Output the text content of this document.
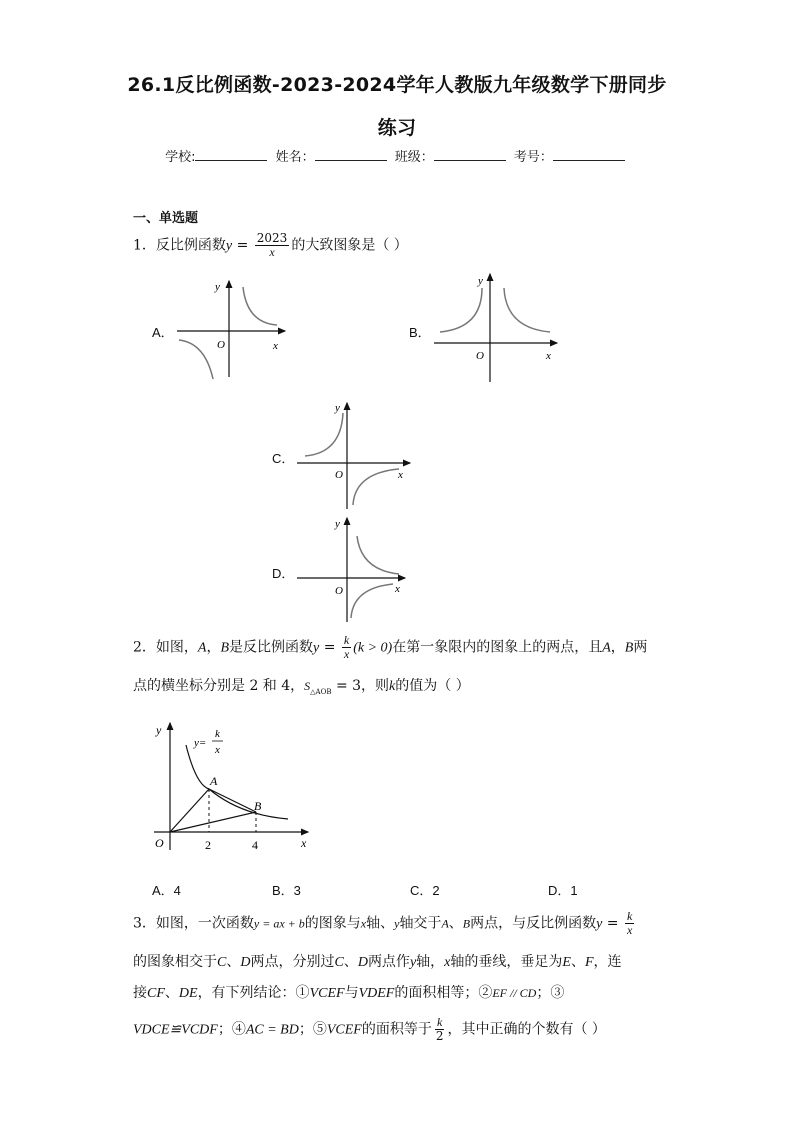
26.1反比例函数-2023-2024学年人教版九年级数学下册同步
练习
学校:	姓名：	班级：	考号：
一、单选题
1．反比例函数$y = \frac{2023}{x}$ 的大致图象是（ ）
A．
y
O	x
B．
y
O	x
C．
y
O	x
D．
y
O	x
2．如图，A，B是反比例函数$y = \frac{k}{x} (k > 0)$在第一象限内的图象上的两点，且A，B两
点的横坐标分别是 2 和 4，$S_{\triangle AOB} = 3$，则k的值为（ ）
y
x
O
y=
k
x
A
B
2	4
A．4	B．3	C．2	D．1
3．如图，一次函数y = ax + b的图象与x轴、y轴交于A、B两点，与反比例函数$y = \frac{k}{x}$
的图象相交于C、D两点，分别过C、D两点作y轴，x轴的垂线，垂足为E、F，连
接CF、DE，有下列结论：①VCEF与VDEF的面积相等；②EF // CD；③
VDCE≌VCDF；④AC = BD；⑤VCEF的面积等于 $\frac{k}{2}$ ，其中正确的个数有（ ）
